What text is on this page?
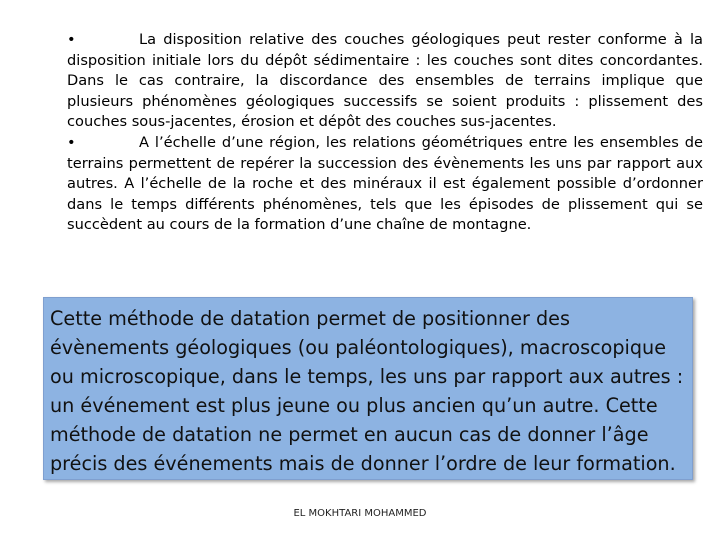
•	La disposition relative des couches géologiques peut rester conforme à la disposition initiale lors du dépôt sédimentaire : les couches sont dites concordantes. Dans le cas contraire, la discordance des ensembles de terrains implique que plusieurs phénomènes géologiques successifs se soient produits : plissement des couches sous-jacentes, érosion et dépôt des couches sus-jacentes.

•	A l’échelle d’une région, les relations géométriques entre les ensembles de terrains permettent de repérer la succession des évènements les uns par rapport aux autres. A l’échelle de la roche et des minéraux il est également possible d’ordonner dans le temps différents phénomènes, tels que les épisodes de plissement qui se succèdent au cours de la formation d’une chaîne de montagne.

Cette méthode de datation permet de positionner des évènements géologiques (ou paléontologiques), macroscopique ou microscopique, dans le temps, les uns par rapport aux autres : un événement est plus jeune ou plus ancien qu’un autre. Cette méthode de datation ne permet en aucun cas de donner l’âge précis des événements mais de donner l’ordre de leur formation.

EL MOKHTARI MOHAMMED
